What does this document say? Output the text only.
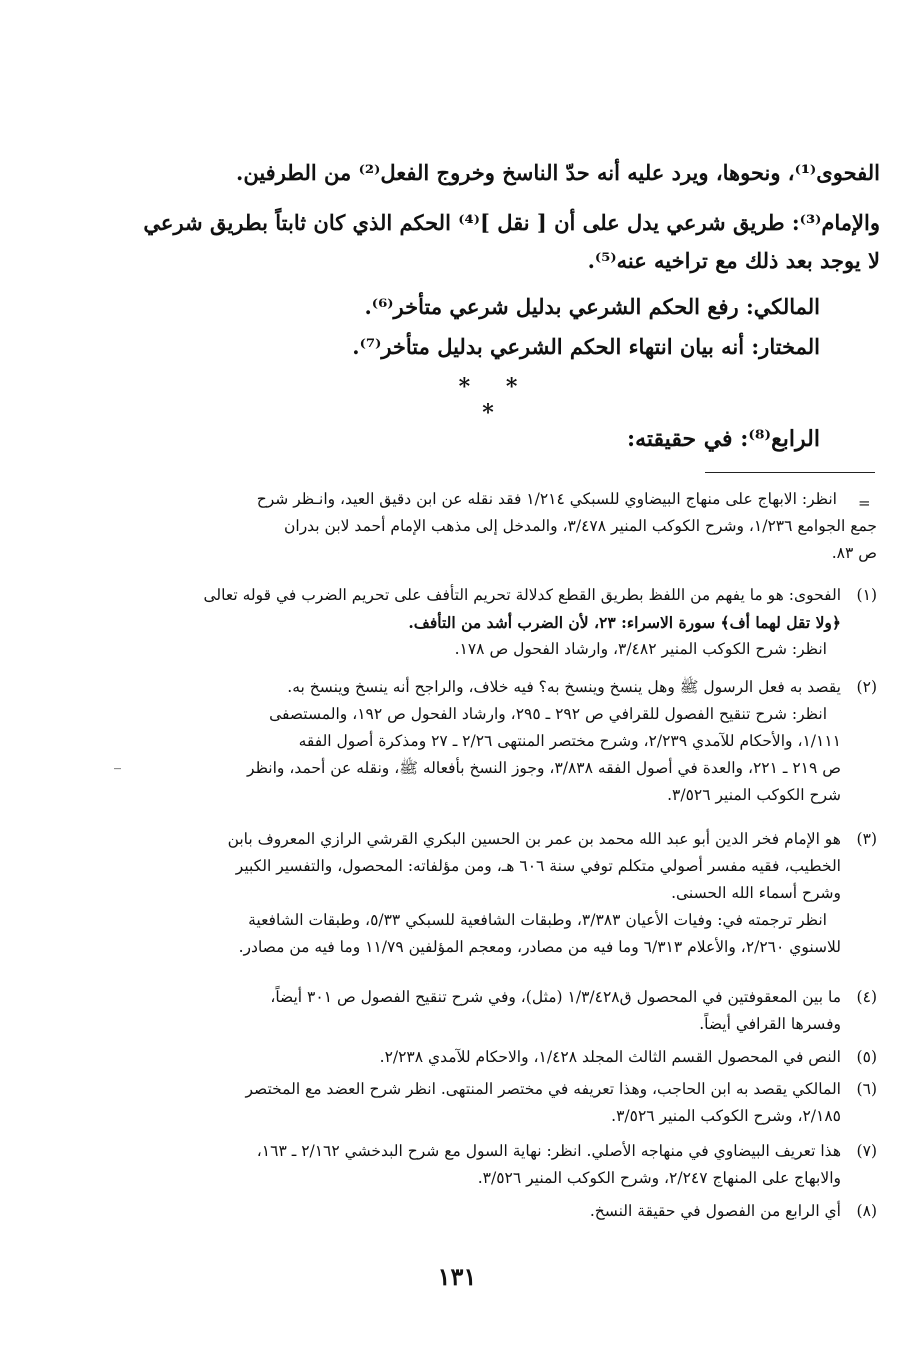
الفحوى⁽¹⁾، ونحوها، ويرد عليه أنه حدّ الناسخ وخروج الفعل⁽²⁾ من الطرفين.
والإمام⁽³⁾: طريق شرعي يدل على أن [ نقل ]⁽⁴⁾ الحكم الذي كان ثابتاً بطريق شرعي
لا يوجد بعد ذلك مع تراخيه عنه⁽⁵⁾.
المالكي: رفع الحكم الشرعي بدليل شرعي متأخر⁽⁶⁾.
المختار: أنه بيان انتهاء الحكم الشرعي بدليل متأخر⁽⁷⁾.
* * *
الرابع⁽⁸⁾: في حقيقته:
=
انظر: الابهاج على منهاج البيضاوي للسبكي ١/٢١٤ فقد نقله عن ابن دقيق العيد، وانـظر شرح
جمع الجوامع ١/٢٣٦، وشرح الكوكب المنير ٣/٤٧٨، والمدخل إلى مذهب الإمام أحمد لابن بدران
ص ٨٣.
(١)
الفحوى: هو ما يفهم من اللفظ بطريق القطع كدلالة تحريم التأفف على تحريم الضرب في قوله تعالى
﴿ولا تقل لهما أف﴾ سورة الاسراء: ٢٣، لأن الضرب أشد من التأفف.
انظر: شرح الكوكب المنير ٣/٤٨٢، وارشاد الفحول ص ١٧٨.
(٢)
يقصد به فعل الرسول ﷺ وهل ينسخ وينسخ به؟ فيه خلاف، والراجح أنه ينسخ وينسخ به.
انظر: شرح تنقيح الفصول للقرافي ص ٢٩٢ ـ ٢٩٥، وارشاد الفحول ص ١٩٢، والمستصفى
١/١١١، والأحكام للآمدي ٢/٢٣٩، وشرح مختصر المنتهى ٢/٢٦ ـ ٢٧ ومذكرة أصول الفقه
ص ٢١٩ ـ ٢٢١، والعدة في أصول الفقه ٣/٨٣٨، وجوز النسخ بأفعاله ﷺ، ونقله عن أحمد، وانظر
شرح الكوكب المنير ٣/٥٢٦.
(٣)
هو الإمام فخر الدين أبو عبد الله محمد بن عمر بن الحسين البكري القرشي الرازي المعروف بابن
الخطيب، فقيه مفسر أصولي متكلم توفي سنة ٦٠٦ هـ، ومن مؤلفاته: المحصول، والتفسير الكبير
وشرح أسماء الله الحسنى.
انظر ترجمته في: وفيات الأعيان ٣/٣٨٣، وطبقات الشافعية للسبكي ٥/٣٣، وطبقات الشافعية
للاسنوي ٢/٢٦٠، والأعلام ٦/٣١٣ وما فيه من مصادر، ومعجم المؤلفين ١١/٧٩ وما فيه من مصادر.
(٤)
ما بين المعقوفتين في المحصول ق١/٣/٤٢٨ (مثل)، وفي شرح تنقيح الفصول ص ٣٠١ أيضاً،
وفسرها القرافي أيضاً.
(٥)
النص في المحصول القسم الثالث المجلد ١/٤٢٨، والاحكام للآمدي ٢/٢٣٨.
(٦)
المالكي يقصد به ابن الحاجب، وهذا تعريفه في مختصر المنتهى. انظر شرح العضد مع المختصر
٢/١٨٥، وشرح الكوكب المنير ٣/٥٢٦.
(٧)
هذا تعريف البيضاوي في منهاجه الأصلي. انظر: نهاية السول مع شرح البدخشي ٢/١٦٢ ـ ١٦٣،
والابهاج على المنهاج ٢/٢٤٧، وشرح الكوكب المنير ٣/٥٢٦.
(٨)
أي الرابع من الفصول في حقيقة النسخ.
_
١٣١
